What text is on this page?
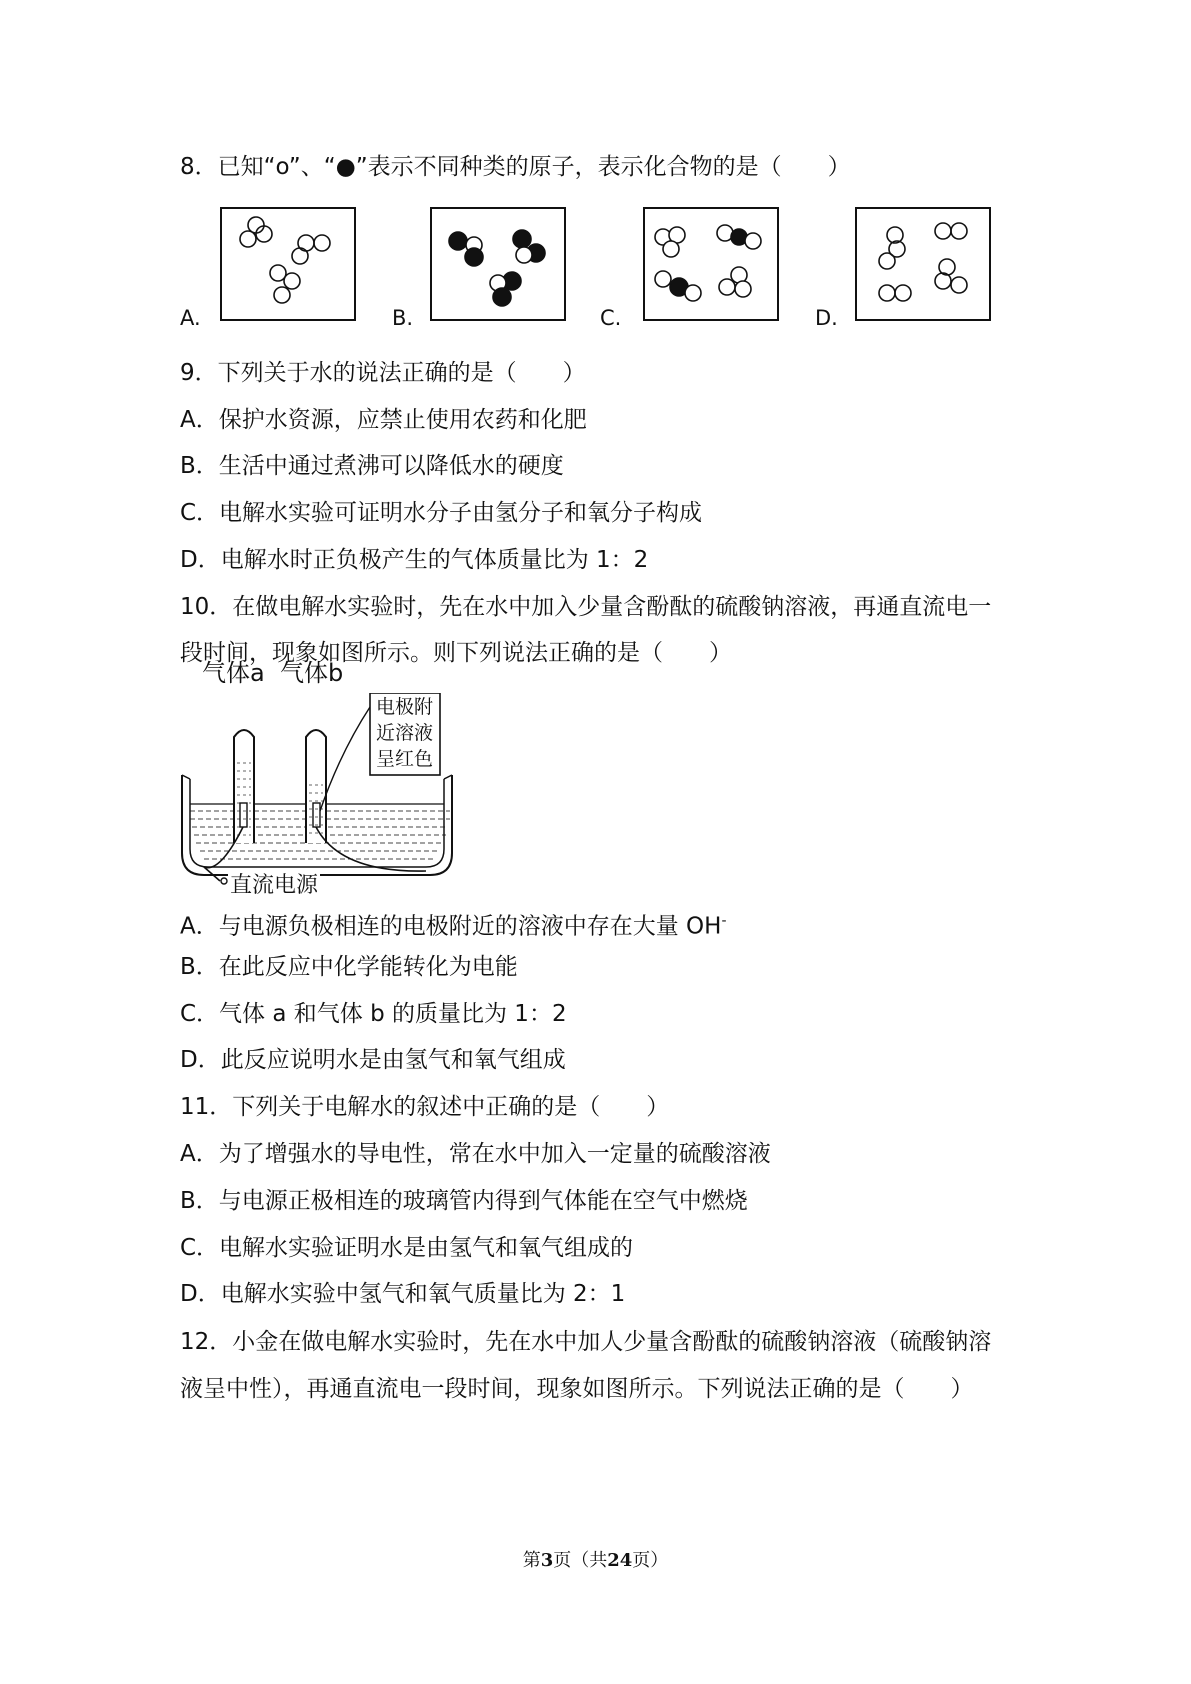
8．已知“o”、“●”表示不同种类的原子，表示化合物的是（　　）
A.	B.	C.	D.
9．下列关于水的说法正确的是（　　）
A．保护水资源，应禁止使用农药和化肥
B．生活中通过煮沸可以降低水的硬度
C．电解水实验可证明水分子由氢分子和氧分子构成
D．电解水时正负极产生的气体质量比为 1：2
10．在做电解水实验时，先在水中加入少量含酚酞的硫酸钠溶液，再通直流电一
段时间，现象如图所示。则下列说法正确的是（　　）
气体a 气体b
电极附
近溶液
呈红色
直流电源
A．与电源负极相连的电极附近的溶液中存在大量 OH-
B．在此反应中化学能转化为电能
C．气体 a 和气体 b 的质量比为 1：2
D．此反应说明水是由氢气和氧气组成
11．下列关于电解水的叙述中正确的是（　　）
A．为了增强水的导电性，常在水中加入一定量的硫酸溶液
B．与电源正极相连的玻璃管内得到气体能在空气中燃烧
C．电解水实验证明水是由氢气和氧气组成的
D．电解水实验中氢气和氧气质量比为 2：1
12．小金在做电解水实验时，先在水中加人少量含酚酞的硫酸钠溶液（硫酸钠溶
液呈中性），再通直流电一段时间，现象如图所示。下列说法正确的是（　　）
第3页（共24页）
